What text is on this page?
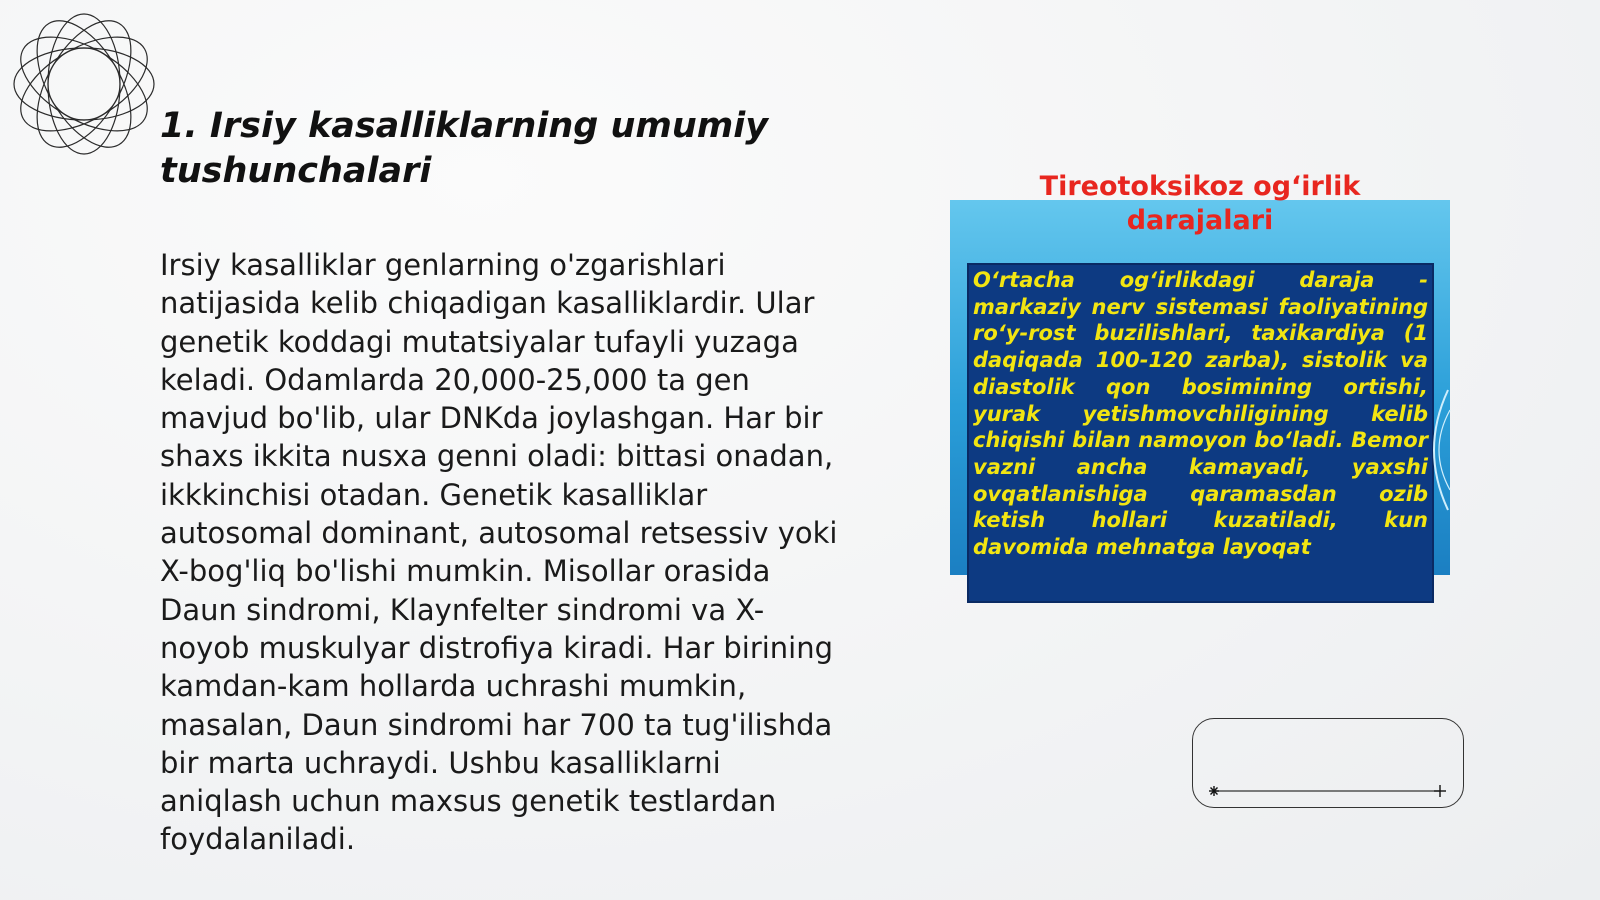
1. Irsiy kasalliklarning umumiy tushunchalari

Irsiy kasalliklar genlarning o'zgarishlari natijasida kelib chiqadigan kasalliklardir. Ular genetik koddagi mutatsiyalar tufayli yuzaga keladi. Odamlarda 20,000-25,000 ta gen mavjud bo'lib, ular DNKda joylashgan. Har bir shaxs ikkita nusxa genni oladi: bittasi onadan, ikkkinchisi otadan. Genetik kasalliklar autosomal dominant, autosomal retsessiv yoki X-bog'liq bo'lishi mumkin. Misollar orasida Daun sindromi, Klaynfelter sindromi va X-noyob muskulyar distrofiya kiradi. Har birining kamdan-kam hollarda uchrashi mumkin, masalan, Daun sindromi har 700 ta tug'ilishda bir marta uchraydi. Ushbu kasalliklarni aniqlash uchun maxsus genetik testlardan foydalaniladi.

Tireotoksikoz og‘irlik
darajalari

O‘rtacha og‘irlikdagi daraja - markaziy nerv sistemasi faoliyatining ro‘y-rost buzilishlari, taxikardiya (1 daqiqada 100-120 zarba), sistolik va diastolik qon bosimining ortishi, yurak yetishmovchiligining kelib chiqishi bilan namoyon bo‘ladi. Bemor vazni ancha kamayadi, yaxshi ovqatlanishiga qaramasdan ozib ketish hollari kuzatiladi, kun davomida mehnatga layoqat
